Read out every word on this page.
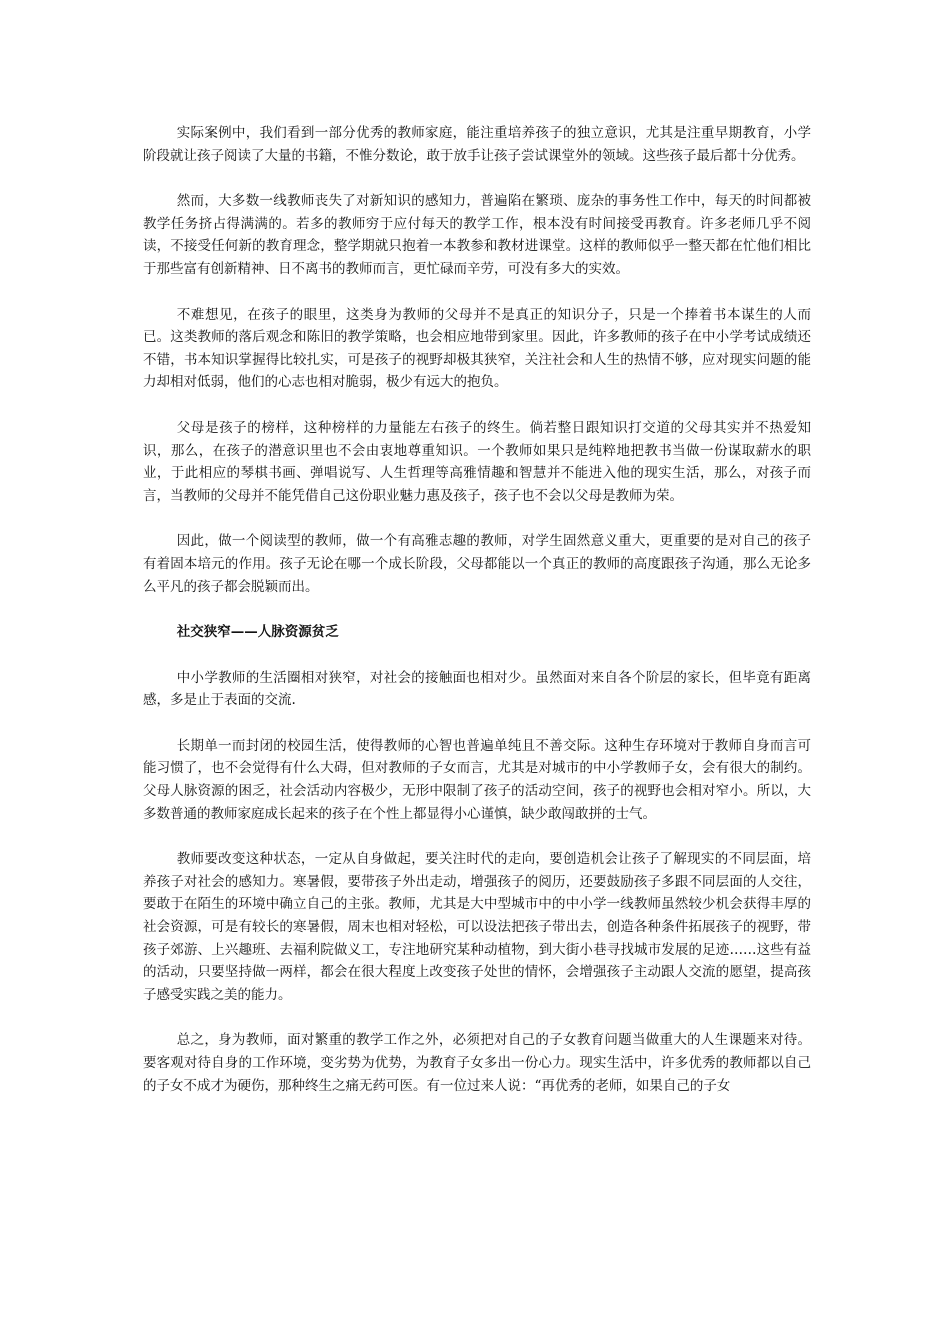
实际案例中，我们看到一部分优秀的教师家庭，能注重培养孩子的独立意识，尤其是注重早期教育，小学阶段就让孩子阅读了大量的书籍，不惟分数论，敢于放手让孩子尝试课堂外的领域。这些孩子最后都十分优秀。

然而，大多数一线教师丧失了对新知识的感知力，普遍陷在繁琐、庞杂的事务性工作中，每天的时间都被教学任务挤占得满满的。若多的教师穷于应付每天的教学工作，根本没有时间接受再教育。许多老师几乎不阅读，不接受任何新的教育理念，整学期就只抱着一本教参和教材进课堂。这样的教师似乎一整天都在忙他们相比于那些富有创新精神、日不离书的教师而言，更忙碌而辛劳，可没有多大的实效。

不难想见，在孩子的眼里，这类身为教师的父母并不是真正的知识分子，只是一个捧着书本谋生的人而已。这类教师的落后观念和陈旧的教学策略，也会相应地带到家里。因此，许多教师的孩子在中小学考试成绩还不错，书本知识掌握得比较扎实，可是孩子的视野却极其狭窄，关注社会和人生的热情不够，应对现实问题的能力却相对低弱，他们的心志也相对脆弱，极少有远大的抱负。

父母是孩子的榜样，这种榜样的力量能左右孩子的终生。倘若整日跟知识打交道的父母其实并不热爱知识，那么，在孩子的潜意识里也不会由衷地尊重知识。一个教师如果只是纯粹地把教书当做一份谋取薪水的职业，于此相应的琴棋书画、弹唱说写、人生哲理等高雅情趣和智慧并不能进入他的现实生活，那么，对孩子而言，当教师的父母并不能凭借自己这份职业魅力惠及孩子，孩子也不会以父母是教师为荣。

因此，做一个阅读型的教师，做一个有高雅志趣的教师，对学生固然意义重大，更重要的是对自己的孩子有着固本培元的作用。孩子无论在哪一个成长阶段，父母都能以一个真正的教师的高度跟孩子沟通，那么无论多么平凡的孩子都会脱颖而出。

社交狭窄——人脉资源贫乏

中小学教师的生活圈相对狭窄，对社会的接触面也相对少。虽然面对来自各个阶层的家长，但毕竟有距离感，多是止于表面的交流.

长期单一而封闭的校园生活，使得教师的心智也普遍单纯且不善交际。这种生存环境对于教师自身而言可能习惯了，也不会觉得有什么大碍，但对教师的子女而言，尤其是对城市的中小学教师子女，会有很大的制约。父母人脉资源的困乏，社会活动内容极少，无形中限制了孩子的活动空间，孩子的视野也会相对窄小。所以，大多数普通的教师家庭成长起来的孩子在个性上都显得小心谨慎，缺少敢闯敢拼的士气。

教师要改变这种状态，一定从自身做起，要关注时代的走向，要创造机会让孩子了解现实的不同层面，培养孩子对社会的感知力。寒暑假，要带孩子外出走动，增强孩子的阅历，还要鼓励孩子多跟不同层面的人交往，要敢于在陌生的环境中确立自己的主张。教师，尤其是大中型城市中的中小学一线教师虽然较少机会获得丰厚的社会资源，可是有较长的寒暑假，周末也相对轻松，可以设法把孩子带出去，创造各种条件拓展孩子的视野，带孩子郊游、上兴趣班、去福利院做义工，专注地研究某种动植物，到大街小巷寻找城市发展的足迹……这些有益的活动，只要坚持做一两样，都会在很大程度上改变孩子处世的情怀，会增强孩子主动跟人交流的愿望，提高孩子感受实践之美的能力。

总之，身为教师，面对繁重的教学工作之外，必须把对自己的子女教育问题当做重大的人生课题来对待。要客观对待自身的工作环境，变劣势为优势，为教育子女多出一份心力。现实生活中，许多优秀的教师都以自己的子女不成才为硬伤，那种终生之痛无药可医。有一位过来人说：“再优秀的老师，如果自己的子女
